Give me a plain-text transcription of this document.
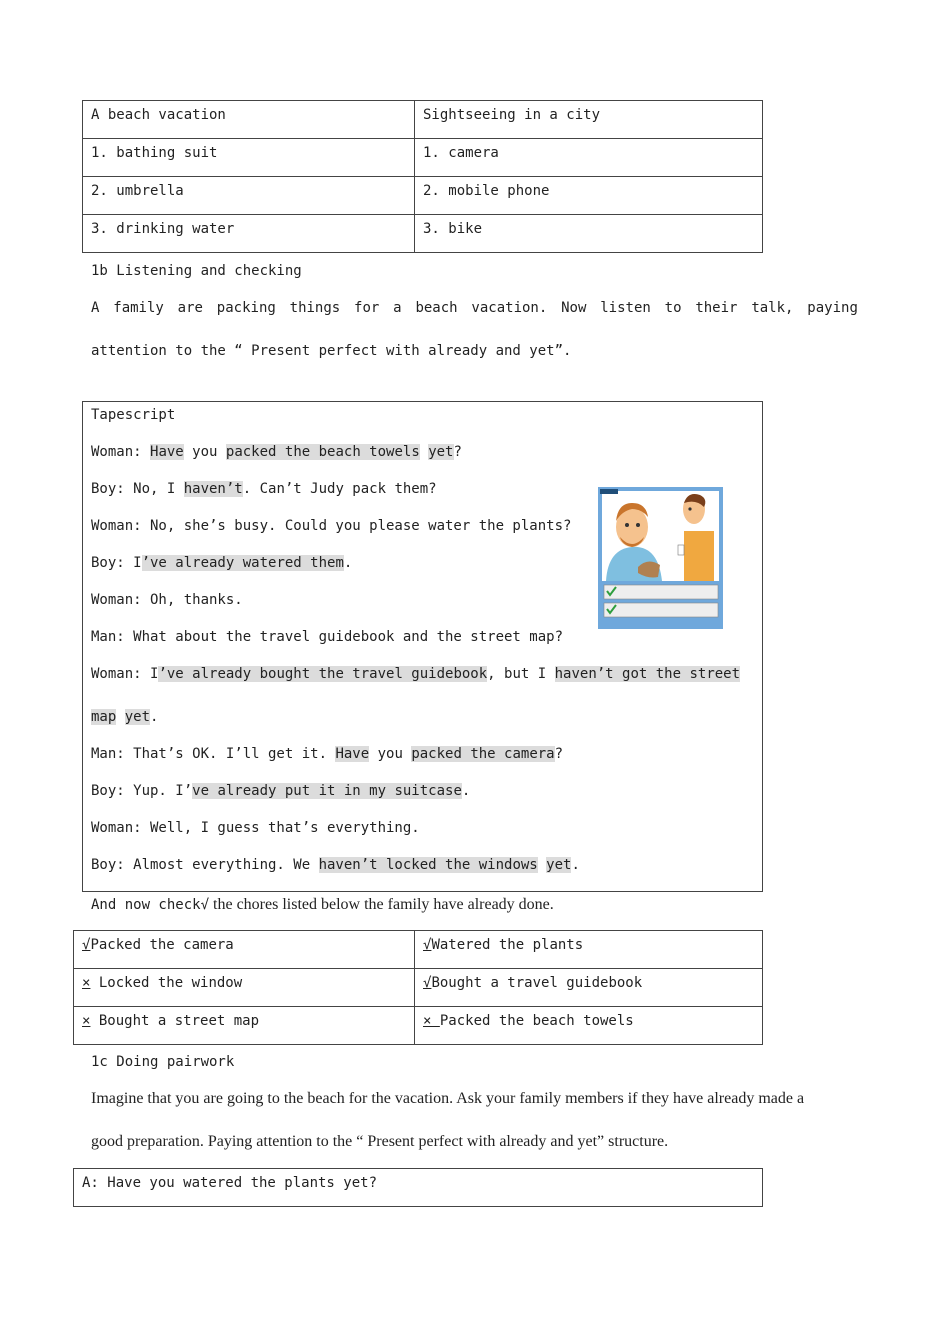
A beach vacation	Sightseeing in a city
1. bathing suit	1. camera
2. umbrella	2. mobile phone
3. drinking water	3. bike
1b Listening and checking
A family are packing things for a beach vacation. Now listen to their talk, paying
attention to the “ Present perfect with already and yet”.
Tapescript
Woman: Have you packed the beach towels yet?
Boy: No, I haven’t. Can’t Judy pack them?
Woman: No, she’s busy. Could you please water the plants?
Boy: I’ve already watered them.
Woman: Oh, thanks.
Man: What about the travel guidebook and the street map?
Woman: I’ve already bought the travel guidebook, but I haven’t got the street
map yet.
Man: That’s OK. I’ll get it. Have you packed the camera?
Boy: Yup. I’ve already put it in my suitcase.
Woman: Well, I guess that’s everything.
Boy: Almost everything. We haven’t locked the windows yet.
And now check√ the chores listed below the family have already done.
√Packed the camera	√Watered the plants
× Locked the window	√Bought a travel guidebook
× Bought a street map	× Packed the beach towels
1c Doing pairwork
Imagine that you are going to the beach for the vacation. Ask your family members if they have already made a
good preparation. Paying attention to the “ Present perfect with already and yet” structure.
A: Have you watered the plants yet?
